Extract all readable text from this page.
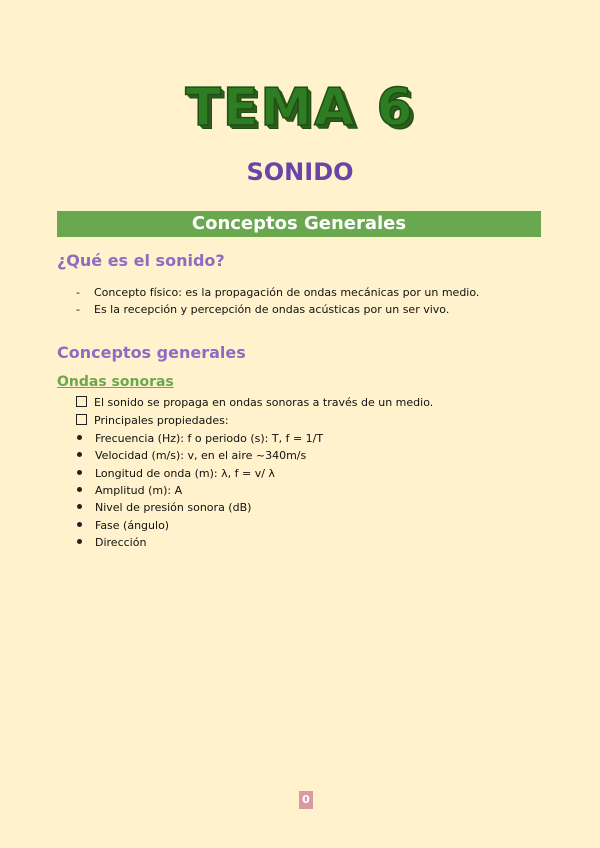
TEMA 6
SONIDO
Conceptos Generales
¿Qué es el sonido?
- Concepto físico: es la propagación de ondas mecánicas por un medio.
- Es la recepción y percepción de ondas acústicas por un ser vivo.
Conceptos generales
Ondas sonoras
El sonido se propaga en ondas sonoras a través de un medio.
Principales propiedades:
Frecuencia (Hz): f o periodo (s): T, f = 1/T
Velocidad (m/s): v, en el aire ~340m/s
Longitud de onda (m): λ, f = v/ λ
Amplitud (m): A
Nivel de presión sonora (dB)
Fase (ángulo)
Dirección
0
